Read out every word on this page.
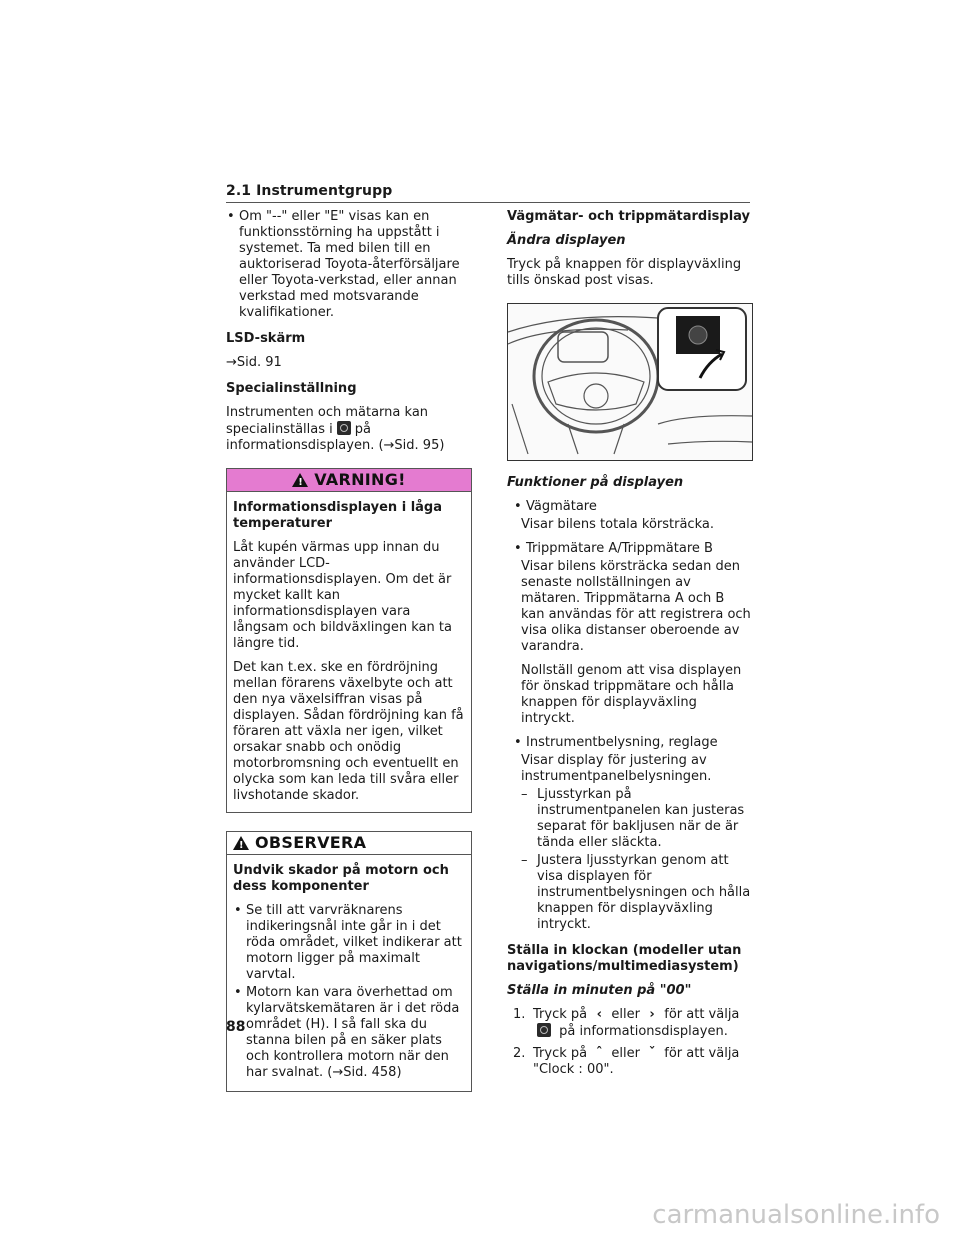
2.1 Instrumentgrupp
• Om "--" eller "E" visas kan en funktionsstörning ha uppstått i systemet. Ta med bilen till en auktoriserad Toyota-återförsäljare eller Toyota-verkstad, eller annan verkstad med motsvarande kvalifikationer.
LSD-skärm

→Sid. 91

Specialinställning

Instrumenten och mätarna kan specialinställas i på informationsdisplayen. (→Sid. 95)

!
VARNING!
Informationsdisplayen i låga temperaturer

Låt kupén värmas upp innan du använder LCD-informationsdisplayen. Om det är mycket kallt kan informationsdisplayen vara långsam och bildväxlingen kan ta längre tid.

Det kan t.ex. ske en fördröjning mellan förarens växelbyte och att den nya växelsiffran visas på displayen. Sådan fördröjning kan få föraren att växla ner igen, vilket orsakar snabb och onödig motorbromsning och eventuellt en olycka som kan leda till svåra eller livshotande skador.

!
OBSERVERA
Undvik skador på motorn och dess komponenter
• Se till att varvräknarens indikeringsnål inte går in i det röda området, vilket indikerar att motorn ligger på maximalt varvtal.
• Motorn kan vara överhettad om kylarvätskemätaren är i det röda området (H). I så fall ska du stanna bilen på en säker plats och kontrollera motorn när den har svalnat. (→Sid. 458)
Vägmätar- och trippmätardisplay
Ändra displayen

Tryck på knappen för displayväxling tills önskad post visas.

Funktioner på displayen
• Vägmätare
Visar bilens totala körsträcka.
• Trippmätare A/Trippmätare B
Visar bilens körsträcka sedan den senaste nollställningen av mätaren. Trippmätarna A och B kan användas för att registrera och visa olika distanser oberoende av varandra.
Nollställ genom att visa displayen för önskad trippmätare och hålla knappen för displayväxling intryckt.
• Instrumentbelysning, reglage
Visar display för justering av instrumentpanelbelysningen.
– Ljusstyrkan på instrumentpanelen kan justeras separat för bakljusen när de är tända eller släckta.
– Justera ljusstyrkan genom att visa displayen för instrumentbelysningen och hålla knappen för displayväxling intryckt.
Ställa in klockan (modeller utan navigations/multimediasystem)
Ställa in minuten på "00"
1. Tryck på ‹ eller › för att välja på informationsdisplayen.
2. Tryck på ˆ eller ˇ för att välja "Clock : 00".
88
carmanualsonline.info
